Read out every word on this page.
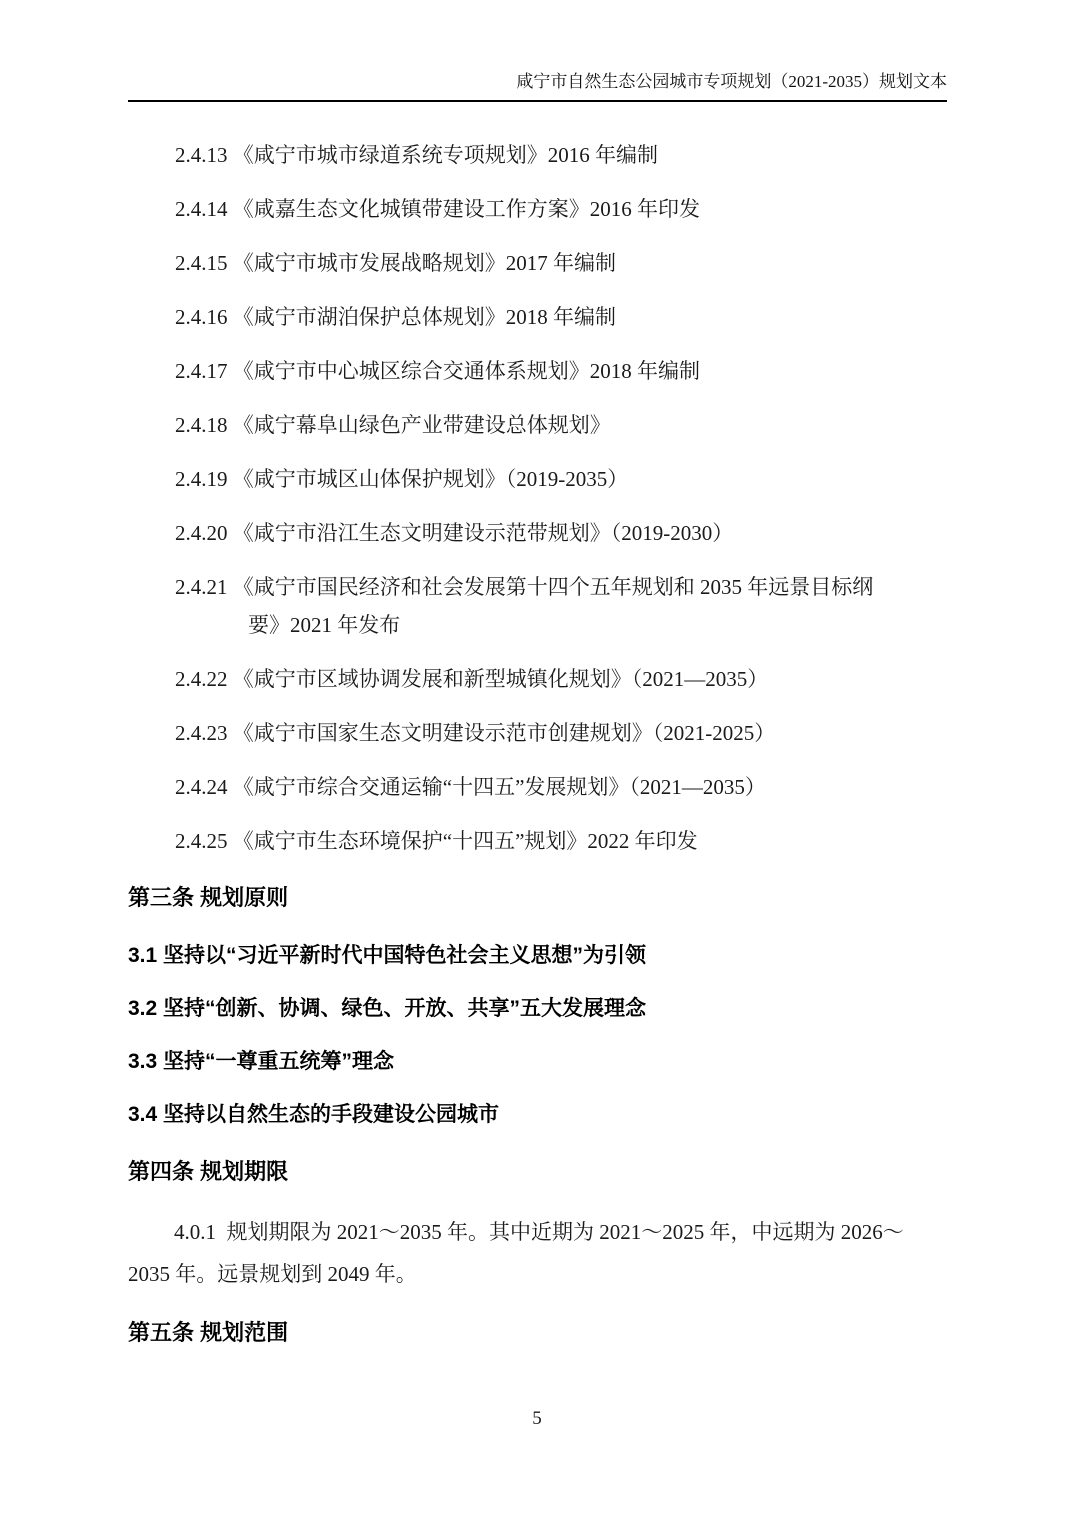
咸宁市自然生态公园城市专项规划（2021-2035）规划文本

2.4.13 《咸宁市城市绿道系统专项规划》2016 年编制

2.4.14 《咸嘉生态文化城镇带建设工作方案》2016 年印发

2.4.15 《咸宁市城市发展战略规划》2017 年编制

2.4.16 《咸宁市湖泊保护总体规划》2018 年编制

2.4.17 《咸宁市中心城区综合交通体系规划》2018 年编制

2.4.18 《咸宁幕阜山绿色产业带建设总体规划》

2.4.19 《咸宁市城区山体保护规划》（2019-2035）

2.4.20 《咸宁市沿江生态文明建设示范带规划》（2019-2030）

2.4.21 《咸宁市国民经济和社会发展第十四个五年规划和 2035 年远景目标纲
要》2021 年发布

2.4.22 《咸宁市区域协调发展和新型城镇化规划》（2021—2035）

2.4.23 《咸宁市国家生态文明建设示范市创建规划》（2021-2025）

2.4.24 《咸宁市综合交通运输“十四五”发展规划》（2021—2035）

2.4.25 《咸宁市生态环境保护“十四五”规划》2022 年印发

第三条 规划原则
3.1 坚持以“习近平新时代中国特色社会主义思想”为引领
3.2 坚持“创新、协调、绿色、开放、共享”五大发展理念
3.3 坚持“一尊重五统筹”理念
3.4 坚持以自然生态的手段建设公园城市
第四条 规划期限

4.0.1  规划期限为 2021～2035 年。其中近期为 2021～2025 年，中远期为 2026～
2035 年。远景规划到 2049 年。

第五条 规划范围
5
